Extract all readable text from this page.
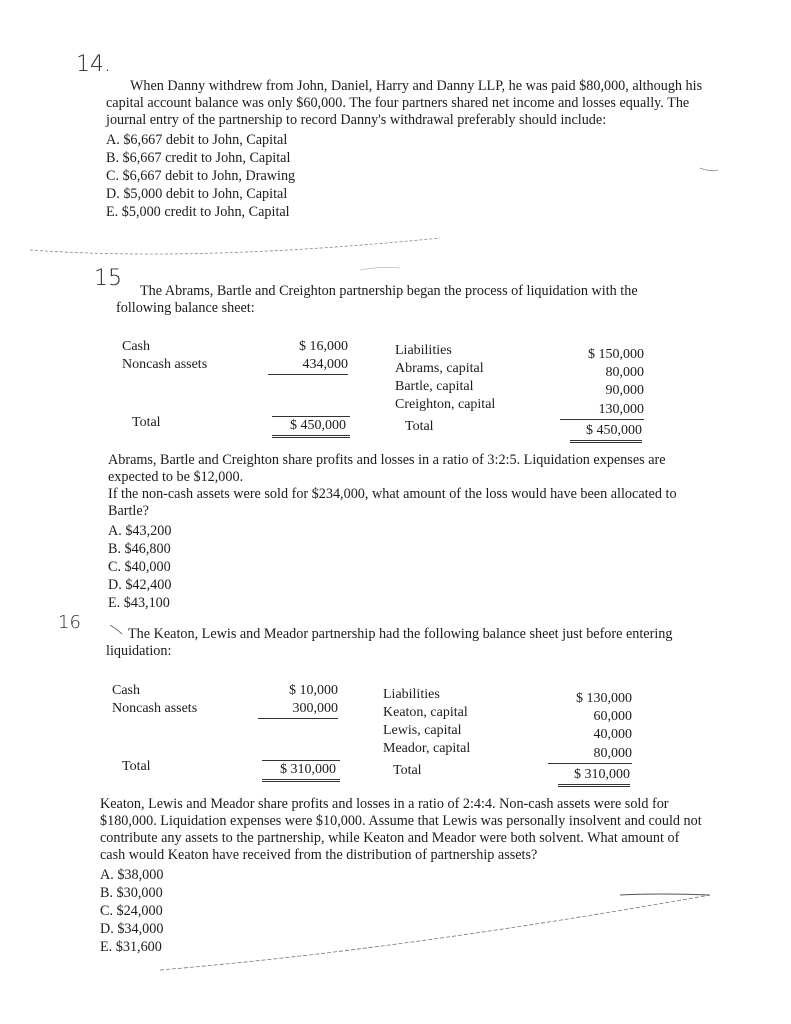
14.

When Danny withdrew from John, Daniel, Harry and Danny LLP, he was paid $80,000, although his capital account balance was only $60,000. The four partners shared net income and losses equally. The journal entry of the partnership to record Danny's withdrawal preferably should include:

A. $6,667 debit to John, Capital

B. $6,667 credit to John, Capital

C. $6,667 debit to John, Drawing

D. $5,000 debit to John, Capital

E. $5,000 credit to John, Capital

15	The Abrams, Bartle and Creighton partnership began the process of liquidation with the following balance sheet:

Cash
Noncash assets
Total
$ 16,000
434,000
$ 450,000
Liabilities
Abrams, capital
Bartle, capital
Creighton, capital
Total
$ 150,000
80,000
90,000
130,000
$ 450,000

Abrams, Bartle and Creighton share profits and losses in a ratio of 3:2:5. Liquidation expenses are expected to be $12,000.

If the non-cash assets were sold for $234,000, what amount of the loss would have been allocated to Bartle?

A. $43,200

B. $46,800

C. $40,000

D. $42,400

E. $43,100

16

The Keaton, Lewis and Meador partnership had the following balance sheet just before entering liquidation:

Cash
Noncash assets
Total
$ 10,000
300,000
$ 310,000
Liabilities
Keaton, capital
Lewis, capital
Meador, capital
Total
$ 130,000
60,000
40,000
80,000
$ 310,000

Keaton, Lewis and Meador share profits and losses in a ratio of 2:4:4. Non-cash assets were sold for $180,000. Liquidation expenses were $10,000. Assume that Lewis was personally insolvent and could not contribute any assets to the partnership, while Keaton and Meador were both solvent. What amount of cash would Keaton have received from the distribution of partnership assets?

A. $38,000

B. $30,000

C. $24,000

D. $34,000

E. $31,600
